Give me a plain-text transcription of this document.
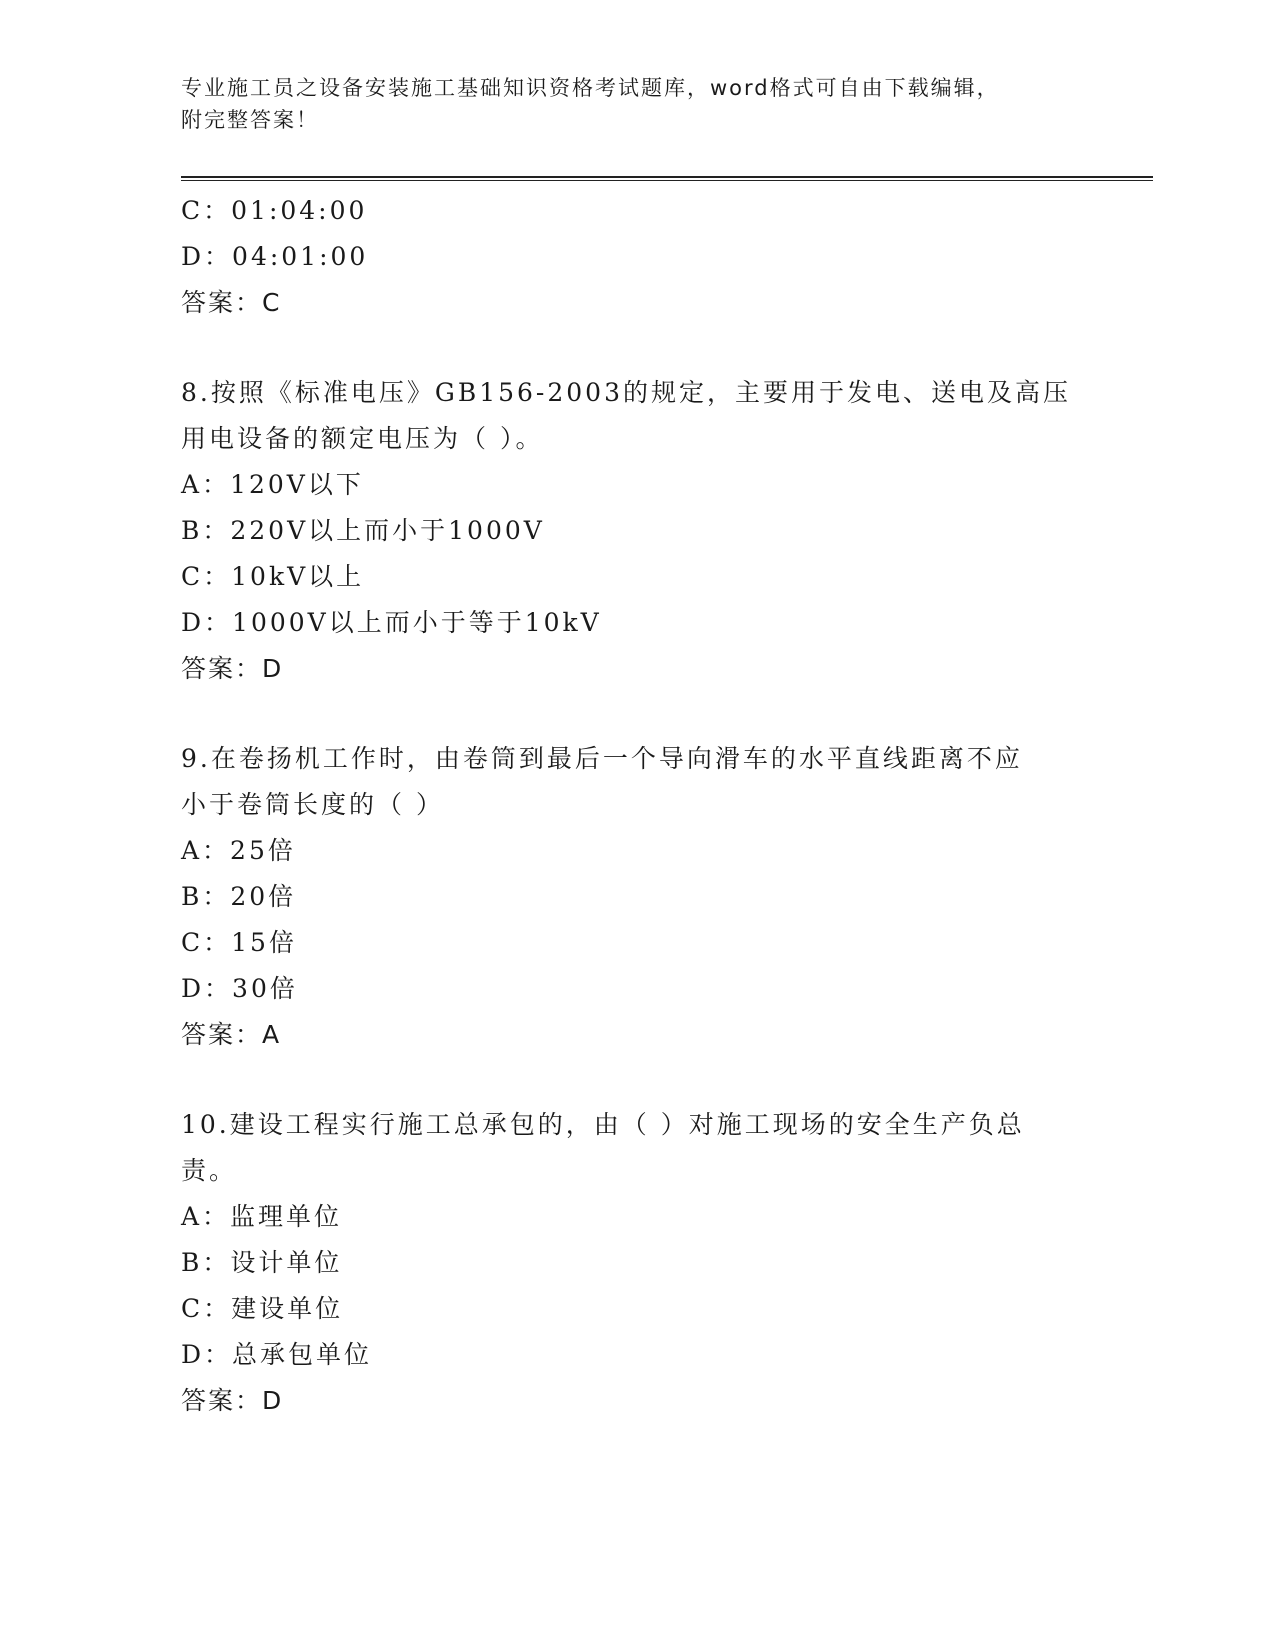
专业施工员之设备安装施工基础知识资格考试题库，word格式可自由下载编辑，
附完整答案！
C：01:04:00
D：04:01:00
答案：C
8.按照《标准电压》GB156-2003的规定，主要用于发电、送电及高压
用电设备的额定电压为（ ）。
A：120V以下
B：220V以上而小于1000V
C：10kV以上
D：1000V以上而小于等于10kV
答案：D
9.在卷扬机工作时，由卷筒到最后一个导向滑车的水平直线距离不应
小于卷筒长度的（ ）
A：25倍
B：20倍
C：15倍
D：30倍
答案：A
10.建设工程实行施工总承包的，由（ ）对施工现场的安全生产负总
责。
A：监理单位
B：设计单位
C：建设单位
D：总承包单位
答案：D
